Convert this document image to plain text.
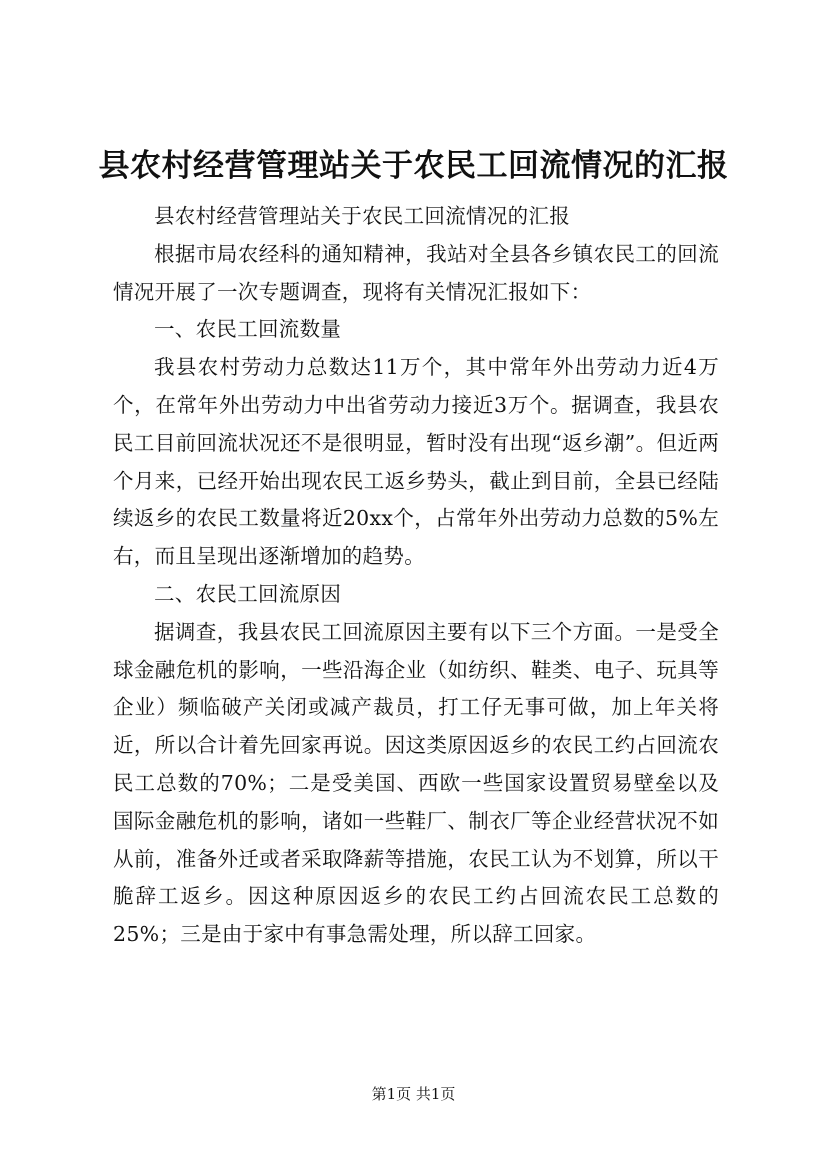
县农村经营管理站关于农民工回流情况的汇报

县农村经营管理站关于农民工回流情况的汇报

根据市局农经科的通知精神，我站对全县各乡镇农民工的回流情况开展了一次专题调查，现将有关情况汇报如下：

一、农民工回流数量

我县农村劳动力总数达11万个，其中常年外出劳动力近4万个，在常年外出劳动力中出省劳动力接近3万个。据调查，我县农民工目前回流状况还不是很明显，暂时没有出现“返乡潮”。但近两个月来，已经开始出现农民工返乡势头，截止到目前，全县已经陆续返乡的农民工数量将近20xx个，占常年外出劳动力总数的5%左右，而且呈现出逐渐增加的趋势。

二、农民工回流原因

据调查，我县农民工回流原因主要有以下三个方面。一是受全球金融危机的影响，一些沿海企业（如纺织、鞋类、电子、玩具等企业）频临破产关闭或减产裁员，打工仔无事可做，加上年关将近，所以合计着先回家再说。因这类原因返乡的农民工约占回流农民工总数的70%；二是受美国、西欧一些国家设置贸易壁垒以及国际金融危机的影响，诸如一些鞋厂、制衣厂等企业经营状况不如从前，准备外迁或者采取降薪等措施，农民工认为不划算，所以干脆辞工返乡。因这种原因返乡的农民工约占回流农民工总数的25%；三是由于家中有事急需处理，所以辞工回家。

第1页 共1页
